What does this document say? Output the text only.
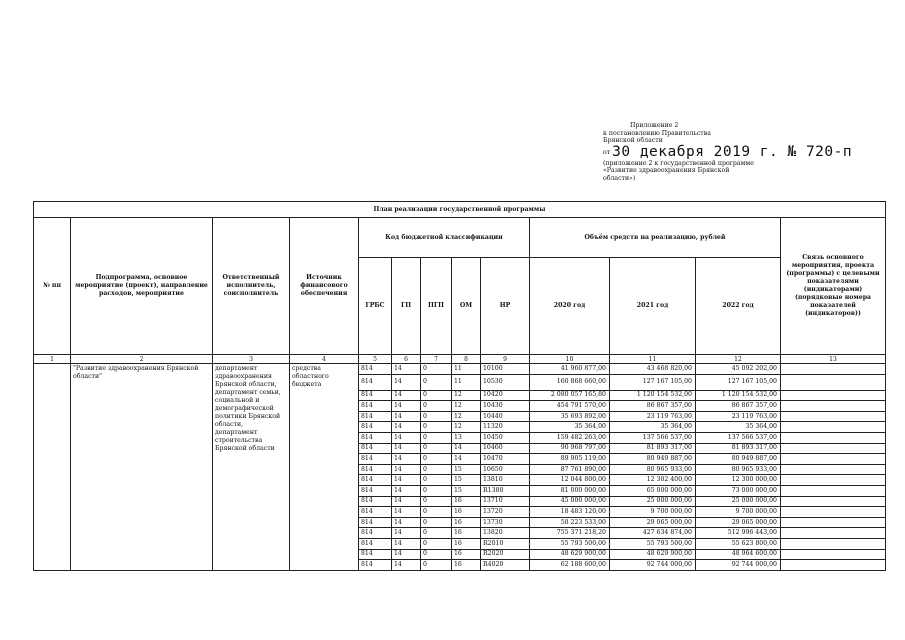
Приложение 2
к постановлению Правительства
Брянской области
от 30 декабря 2019 г. № 720-п
(приложение 2 к государственной программе
«Развитие здравоохранения Брянской
области»)
План реализации государственной программы												
№ пп	Подпрограмма, основное мероприятие (проект), направление расходов, мероприятие	Ответственный исполнитель, соисполнитель	Источник финансового обеспечения	Код бюджетной классификации					Объём средств на реализацию, рублей			Связь основного мероприятия, проекта (программы) с целевыми показателями (индикаторами) (порядковые номера показателей (индикаторов))
				ГРБС	ГП	ПГП	ОМ	НР	2020 год	2021 год	2022 год	
1	2	3	4	5	6	7	8	9	10	11	12	13
	"Развитие здравоохранения Брянской области"	департамент здравоохранения Брянской области, департамент семьи, социальной и демографической политики Брянской области, департамент строительства Брянской области	средства областного бюджета	814	14	0	11	10100	41 960 877,00	43 468 820,00	45 092 202,00	
				814	14	0	11	10530	160 868 660,00	127 167 105,00	127 167 105,00	
				814	14	0	12	10420	2 080 057 165,80	1 120 154 532,00	1 120 154 532,00	
				814	14	0	12	10430	454 791 570,00	86 867 357,00	86 867 357,00	
				814	14	0	12	10440	35 693 892,00	23 119 763,00	23 119 763,00	
				814	14	0	12	11320	35 364,00	35 364,00	35 364,00	
				814	14	0	13	10450	159 482 263,00	137 566 537,00	137 566 537,00	
				814	14	0	14	10460	90 968 797,00	81 893 317,00	81 893 317,00	
				814	14	0	14	10470	89 905 119,00	80 949 887,00	80 949 887,00	
				814	14	0	15	10650	87 761 890,00	80 965 933,00	80 965 933,00	
				814	14	0	15	13810	12 044 800,00	12 302 400,00	12 300 000,00	
				814	14	0	15	R1380	81 000 000,00	65 000 000,00	73 000 000,00	
				814	14	0	16	13710	45 000 000,00	25 000 000,00	25 000 000,00	
				814	14	0	16	13720	18 483 120,00	9 700 000,00	9 700 000,00	
				814	14	0	16	13730	58 223 533,00	29 065 000,00	29 065 000,00	
				814	14	0	16	13820	755 371 218,20	427 634 874,00	512 996 443,00	
				814	14	0	16	R2010	55 793 500,00	55 793 500,00	55 623 800,00	
				814	14	0	16	R2020	48 629 900,00	48 629 900,00	48 964 600,00	
				814	14	0	16	R4020	62 188 600,00	92 744 000,00	92 744 000,00	
